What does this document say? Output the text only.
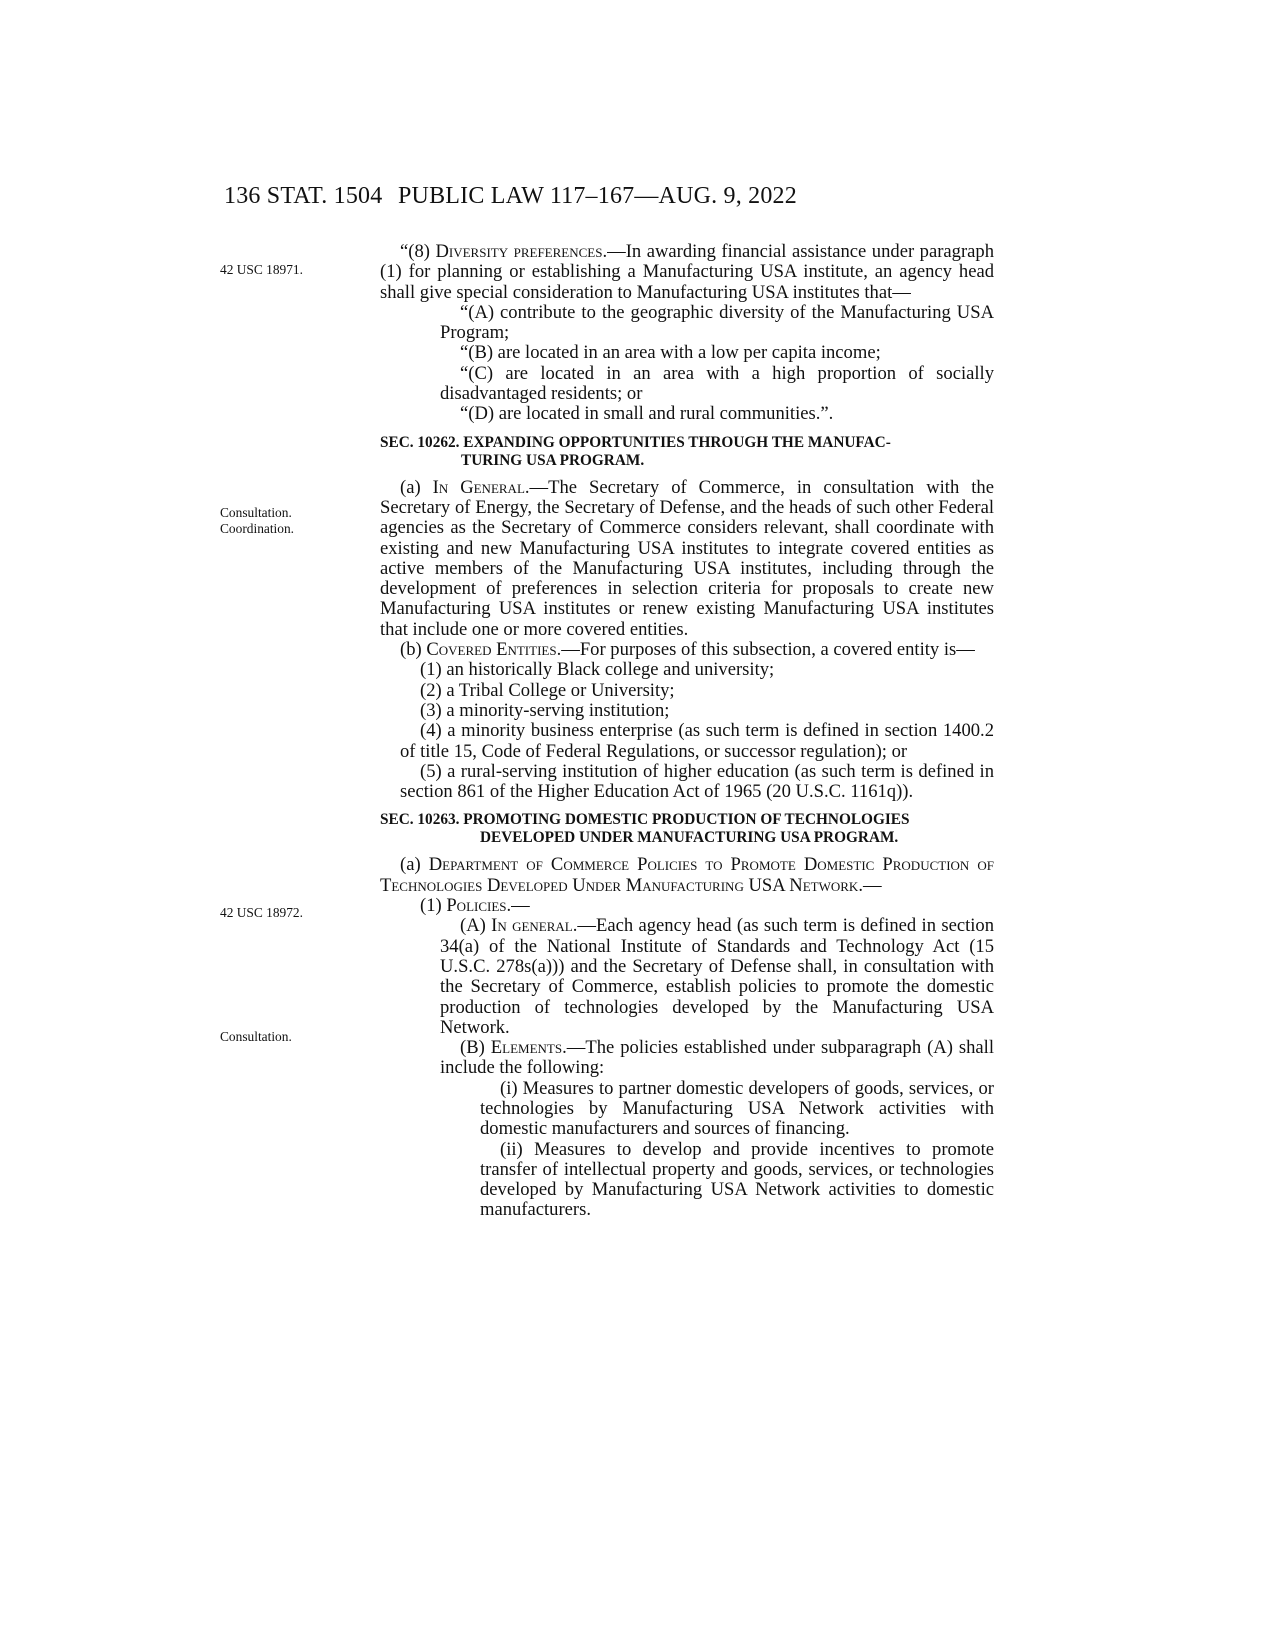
136 STAT. 1504 PUBLIC LAW 117–167—AUG. 9, 2022
42 USC 18971.
Consultation.
Coordination.
42 USC 18972.
Consultation.

“(8) Diversity preferences.—In awarding financial assistance under paragraph (1) for planning or establishing a Manufacturing USA institute, an agency head shall give special consideration to Manufacturing USA institutes that—

“(A) contribute to the geographic diversity of the Manufacturing USA Program;

“(B) are located in an area with a low per capita income;

“(C) are located in an area with a high proportion of socially disadvantaged residents; or

“(D) are located in small and rural communities.”.

SEC. 10262. EXPANDING OPPORTUNITIES THROUGH THE MANUFAC-
TURING USA PROGRAM.

(a) In General.—The Secretary of Commerce, in consultation with the Secretary of Energy, the Secretary of Defense, and the heads of such other Federal agencies as the Secretary of Commerce considers relevant, shall coordinate with existing and new Manufacturing USA institutes to integrate covered entities as active members of the Manufacturing USA institutes, including through the development of preferences in selection criteria for proposals to create new Manufacturing USA institutes or renew existing Manufacturing USA institutes that include one or more covered entities.

(b) Covered Entities.—For purposes of this subsection, a covered entity is—

(1) an historically Black college and university;

(2) a Tribal College or University;

(3) a minority-serving institution;

(4) a minority business enterprise (as such term is defined in section 1400.2 of title 15, Code of Federal Regulations, or successor regulation); or

(5) a rural-serving institution of higher education (as such term is defined in section 861 of the Higher Education Act of 1965 (20 U.S.C. 1161q)).

SEC. 10263. PROMOTING DOMESTIC PRODUCTION OF TECHNOLOGIES
DEVELOPED UNDER MANUFACTURING USA PROGRAM.

(a) Department of Commerce Policies to Promote Domestic Production of Technologies Developed Under Manufacturing USA Network.—

(1) Policies.—

(A) In general.—Each agency head (as such term is defined in section 34(a) of the National Institute of Standards and Technology Act (15 U.S.C. 278s(a))) and the Secretary of Defense shall, in consultation with the Secretary of Commerce, establish policies to promote the domestic production of technologies developed by the Manufacturing USA Network.

(B) Elements.—The policies established under subparagraph (A) shall include the following:

(i) Measures to partner domestic developers of goods, services, or technologies by Manufacturing USA Network activities with domestic manufacturers and sources of financing.

(ii) Measures to develop and provide incentives to promote transfer of intellectual property and goods, services, or technologies developed by Manufacturing USA Network activities to domestic manufacturers.
